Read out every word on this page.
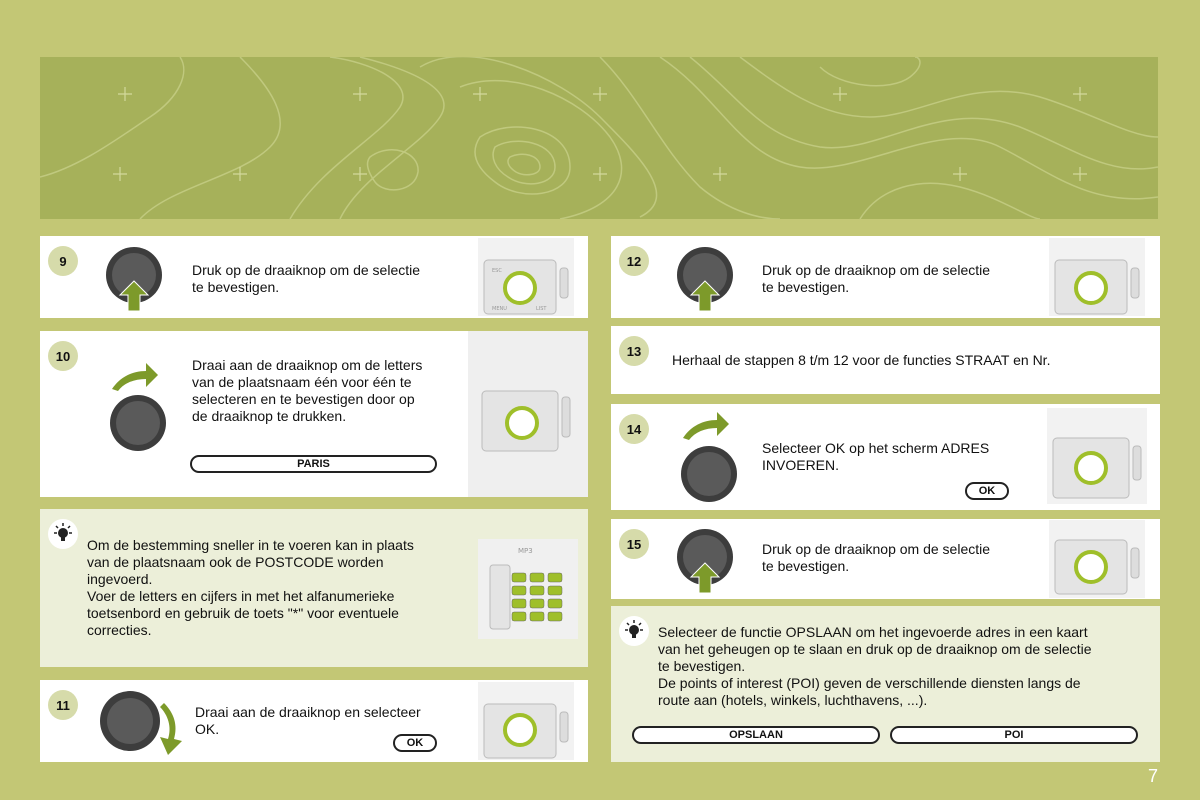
9
Druk op de draaiknop om de selectie
te bevestigen.
ESC
MENU	LIST
10
Draai aan de draaiknop om de letters
van de plaatsnaam één voor één te
selecteren en te bevestigen door op
de draaiknop te drukken.
PARIS
Om de bestemming sneller in te voeren kan in plaats
van de plaatsnaam ook de POSTCODE worden
ingevoerd.
Voer de letters en cijfers in met het alfanumerieke
toetsenbord en gebruik de toets "*" voor eventuele
correcties.
MP3
11	Draai aan de draaiknop en selecteer
OK.
OK
12
Druk op de draaiknop om de selectie
te bevestigen.
13
Herhaal de stappen 8 t/m 12 voor de functies STRAAT en Nr.
14
Selecteer OK op het scherm ADRES
INVOEREN.
OK
15	Druk op de draaiknop om de selectie
te bevestigen.
Selecteer de functie OPSLAAN om het ingevoerde adres in een kaart
van het geheugen op te slaan en druk op de draaiknop om de selectie
te bevestigen.
De points of interest (POI) geven de verschillende diensten langs de
route aan (hotels, winkels, luchthavens, ...).
OPSLAAN	POI
7
